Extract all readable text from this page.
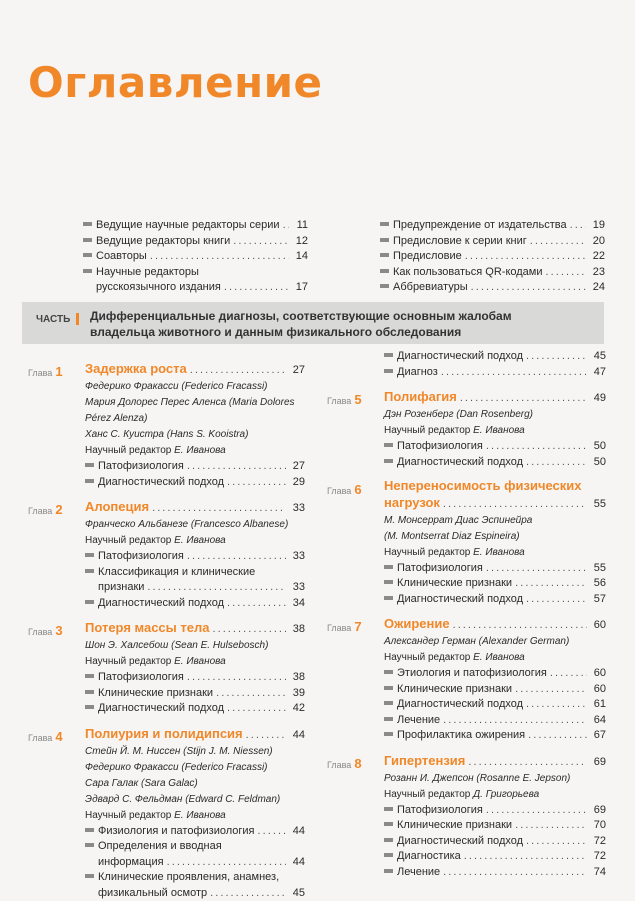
Оглавление
Ведущие научные редакторы серии . . .	11
Ведущие редакторы книги . . .	12
Соавторы . . .	14
Научные редакторы
русскоязычного издания . . .	17
Предупреждение от издательства . . .	19
Предисловие к серии книг . . .	20
Предисловие . . .	22
Как пользоваться QR-кодами . . .	23
Аббревиатуры . . .	24
ЧАСТЬ Дифференциальные диагнозы, соответствующие основным жалобам
владельца животного и данным физикального обследования
Глава 1	Задержка роста . . .	27
Федерико Фракасси (Federico Fracassi)
Мария Долорес Перес Аленса (Maria Dolores
Pérez Alenza)
Ханс С. Куистра (Hans S. Kooistra)
Научный редактор Е. Иванова
Патофизиология . . .	27
Диагностический подход . . .	29
Глава 2	Алопеция . . .	33
Франческо Альбанезе (Francesco Albanese)
Научный редактор Е. Иванова
Патофизиология . . .	33
Классификация и клинические
признаки . . .	33
Диагностический подход . . .	34
Глава 3	Потеря массы тела . . .	38
Шон Э. Халсебош (Sean E. Hulsebosch)
Научный редактор Е. Иванова
Патофизиология . . .	38
Клинические признаки . . .	39
Диагностический подход . . .	42
Глава 4	Полиурия и полидипсия . . .	44
Стейн Й. М. Ниссен (Stijn J. M. Niessen)
Федерико Фракасси (Federico Fracassi)
Сара Галак (Sara Galac)
Эдвард С. Фельдман (Edward C. Feldman)
Научный редактор Е. Иванова
Физиология и патофизиология . . .	44
Определения и вводная
информация . . .	44
Клинические проявления, анамнез,
физикальный осмотр . . .	45
Диагностический подход . . .	45
Диагноз . . .	47
Глава 5	Полифагия . . .	49
Дэн Розенберг (Dan Rosenberg)
Научный редактор Е. Иванова
Патофизиология . . .	50
Диагностический подход . . .	50
Глава 6	Непереносимость физических
нагрузок . . .	55
М. Монсеррат Диас Эспинейра
(M. Montserrat Diaz Espineira)
Научный редактор Е. Иванова
Патофизиология . . .	55
Клинические признаки . . .	56
Диагностический подход . . .	57
Глава 7	Ожирение . . .	60
Александер Герман (Alexander German)
Научный редактор Е. Иванова
Этиология и патофизиология . . .	60
Клинические признаки . . .	60
Диагностический подход . . .	61
Лечение . . .	64
Профилактика ожирения . . .	67
Глава 8	Гипертензия . . .	69
Розанн И. Джепсон (Rosanne E. Jepson)
Научный редактор Д. Григорьева
Патофизиология . . .	69
Клинические признаки . . .	70
Диагностический подход . . .	72
Диагностика . . .	72
Лечение . . .	74
